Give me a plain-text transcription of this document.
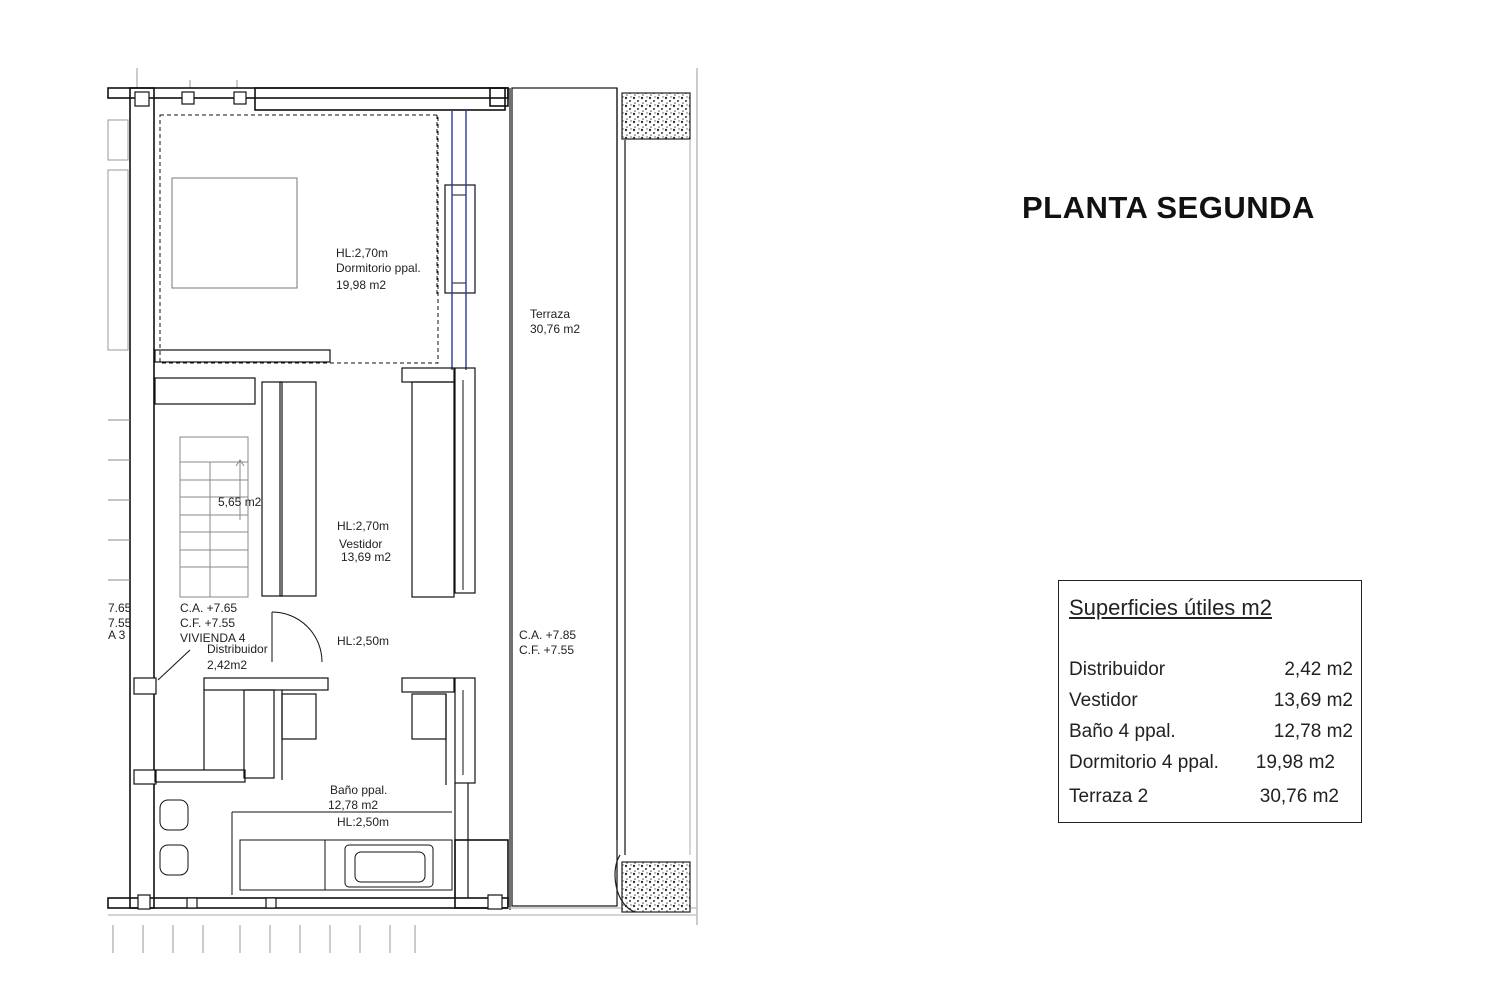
HL:2,70m
Dormitorio ppal.
19,98 m2
Terraza
30,76 m2
5,65 m2
HL:2,70m
Vestidor
13,69 m2
C.A. +7.65
C.F. +7.55
VIVIENDA 4
Distribuidor
2,42m2
HL:2,50m	C.A. +7.85
C.F. +7.55
Baño ppal.
12,78 m2
HL:2,50m
7.65
7.55
A 3
PLANTA SEGUNDA
Superficies útiles m2
Distribuidor	2,42 m2
Vestidor	13,69 m2
Baño 4 ppal.	12,78 m2
Dormitorio 4 ppal. 19,98 m2
Terraza 2	30,76 m2
